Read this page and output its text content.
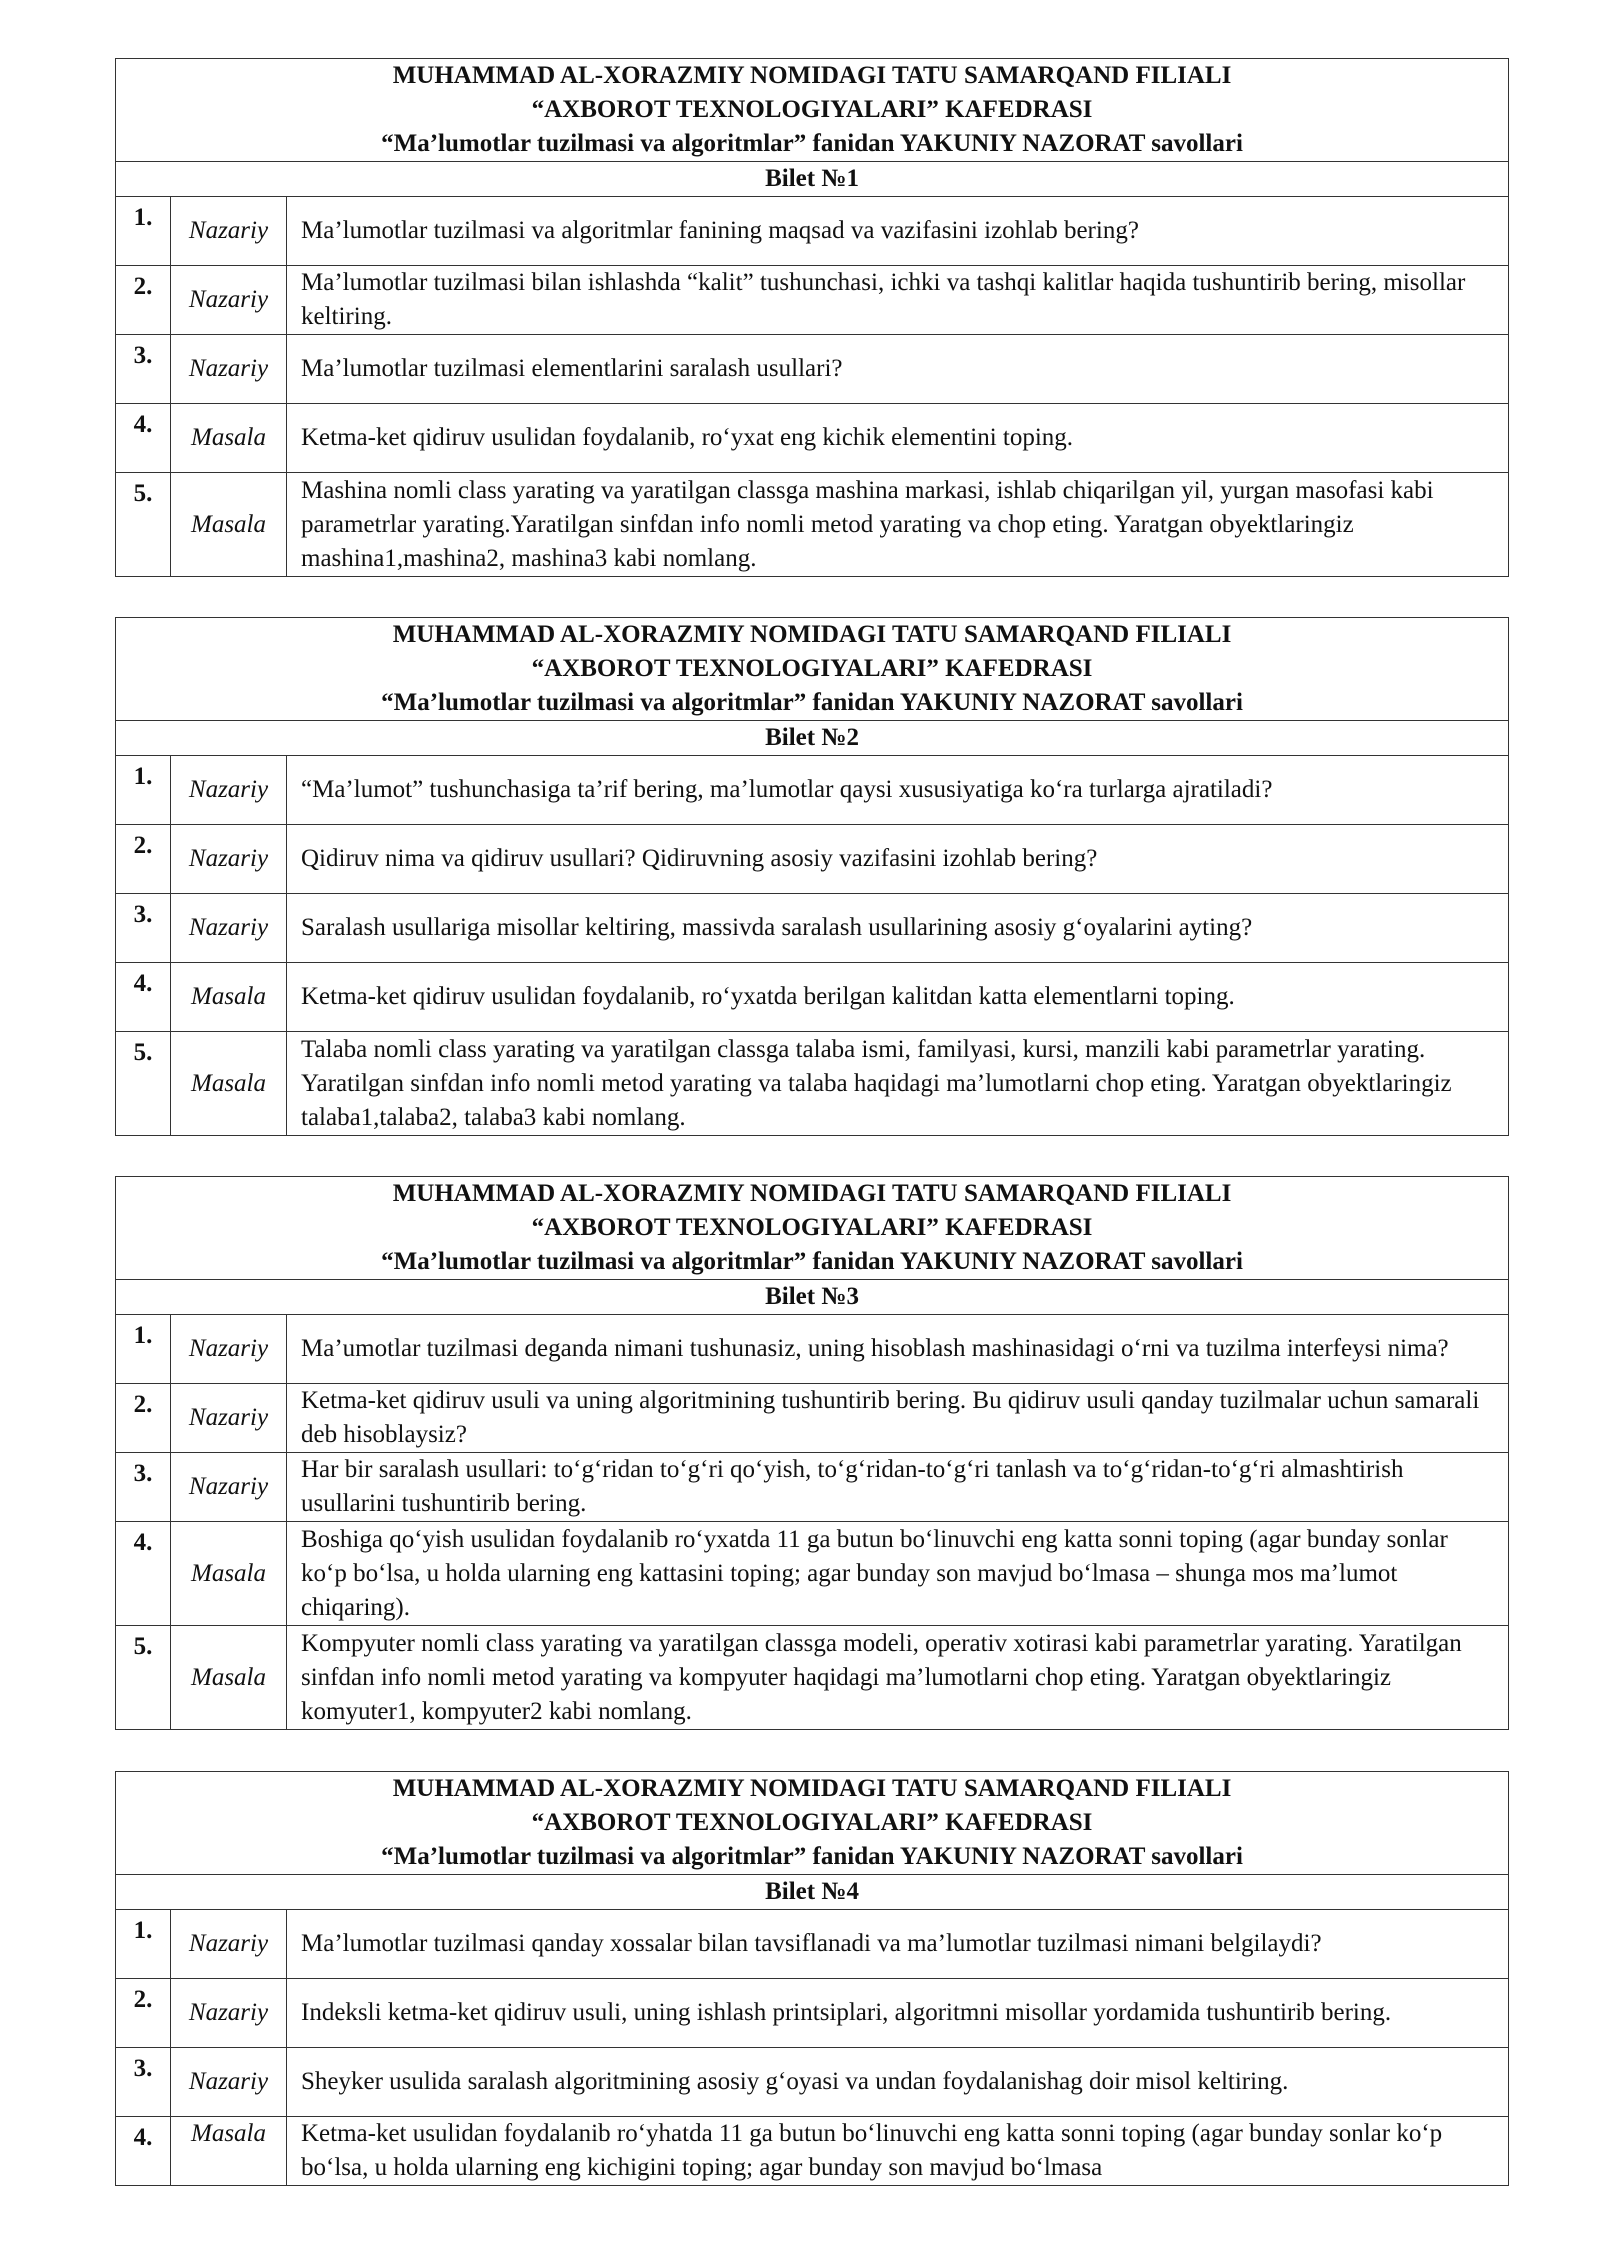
MUHAMMAD AL-XORAZMIY NOMIDAGI TATU SAMARQAND FILIALI
“AXBOROT TEXNOLOGIYALARI” KAFEDRASI
“Ma’lumotlar tuzilmasi va algoritmlar” fanidan YAKUNIY NAZORAT savollari		

Bilet №1		
1.	Nazariy	Ma’lumotlar tuzilmasi va algoritmlar fanining maqsad va vazifasini izohlab bering?
2.	Nazariy	Ma’lumotlar tuzilmasi bilan ishlashda “kalit” tushunchasi, ichki va tashqi kalitlar haqida tushuntirib bering, misollar keltiring.
3.	Nazariy	Ma’lumotlar tuzilmasi elementlarini saralash usullari?
4.	Masala	Ketma-ket qidiruv usulidan foydalanib, roʻyxat eng kichik elementini toping.
5.	Masala	Mashina nomli class yarating va yaratilgan classga mashina markasi, ishlab chiqarilgan yil, yurgan masofasi kabi parametrlar yarating.Yaratilgan sinfdan info nomli metod yarating va chop eting. Yaratgan obyektlaringiz mashina1,mashina2, mashina3 kabi nomlang.
MUHAMMAD AL-XORAZMIY NOMIDAGI TATU SAMARQAND FILIALI
“AXBOROT TEXNOLOGIYALARI” KAFEDRASI
“Ma’lumotlar tuzilmasi va algoritmlar” fanidan YAKUNIY NAZORAT savollari		

Bilet №2		
1.	Nazariy	“Ma’lumot” tushunchasiga ta’rif bering, ma’lumotlar qaysi xususiyatiga koʻra turlarga ajratiladi?
2.	Nazariy	Qidiruv nima va qidiruv usullari? Qidiruvning asosiy vazifasini izohlab bering?
3.	Nazariy	Saralash usullariga misollar keltiring, massivda saralash usullarining asosiy gʻoyalarini ayting?
4.	Masala	Ketma-ket qidiruv usulidan foydalanib, roʻyxatda berilgan kalitdan katta elementlarni toping.
5.	Masala	Talaba nomli class yarating va yaratilgan classga talaba ismi, familyasi, kursi, manzili kabi parametrlar yarating. Yaratilgan sinfdan info nomli metod yarating va talaba haqidagi ma’lumotlarni chop eting. Yaratgan obyektlaringiz talaba1,talaba2, talaba3 kabi nomlang.
MUHAMMAD AL-XORAZMIY NOMIDAGI TATU SAMARQAND FILIALI
“AXBOROT TEXNOLOGIYALARI” KAFEDRASI
“Ma’lumotlar tuzilmasi va algoritmlar” fanidan YAKUNIY NAZORAT savollari		

Bilet №3		
1.	Nazariy	Ma’umotlar tuzilmasi deganda nimani tushunasiz, uning hisoblash mashinasidagi oʻrni va tuzilma interfeysi nima?
2.	Nazariy	Ketma-ket qidiruv usuli va uning algoritmining tushuntirib bering. Bu qidiruv usuli qanday tuzilmalar uchun samarali deb hisoblaysiz?
3.	Nazariy	Har bir saralash usullari: toʻgʻridan toʻgʻri qoʻyish, toʻgʻridan-toʻgʻri tanlash va toʻgʻridan-toʻgʻri almashtirish usullarini tushuntirib bering.
4.	Masala	Boshiga qoʻyish usulidan foydalanib roʻyxatda 11 ga butun boʻlinuvchi eng katta sonni toping (agar bunday sonlar koʻp boʻlsa, u holda ularning eng kattasini toping; agar bunday son mavjud boʻlmasa – shunga mos ma’lumot chiqaring).
5.	Masala	Kompyuter nomli class yarating va yaratilgan classga modeli, operativ xotirasi kabi parametrlar yarating. Yaratilgan sinfdan info nomli metod yarating va kompyuter haqidagi ma’lumotlarni chop eting. Yaratgan obyektlaringiz komyuter1, kompyuter2 kabi nomlang.
MUHAMMAD AL-XORAZMIY NOMIDAGI TATU SAMARQAND FILIALI
“AXBOROT TEXNOLOGIYALARI” KAFEDRASI
“Ma’lumotlar tuzilmasi va algoritmlar” fanidan YAKUNIY NAZORAT savollari		

Bilet №4		
1.	Nazariy	Ma’lumotlar tuzilmasi qanday xossalar bilan tavsiflanadi va ma’lumotlar tuzilmasi nimani belgilaydi?
2.	Nazariy	Indeksli ketma-ket qidiruv usuli, uning ishlash printsiplari, algoritmni misollar yordamida tushuntirib bering.
3.	Nazariy	Sheyker usulida saralash algoritmining asosiy gʻoyasi va undan foydalanishag doir misol keltiring.
4.	Masala	Ketma-ket usulidan foydalanib roʻyhatda 11 ga butun boʻlinuvchi eng katta sonni toping (agar bunday sonlar koʻp boʻlsa, u holda ularning eng kichigini toping; agar bunday son mavjud boʻlmasa
